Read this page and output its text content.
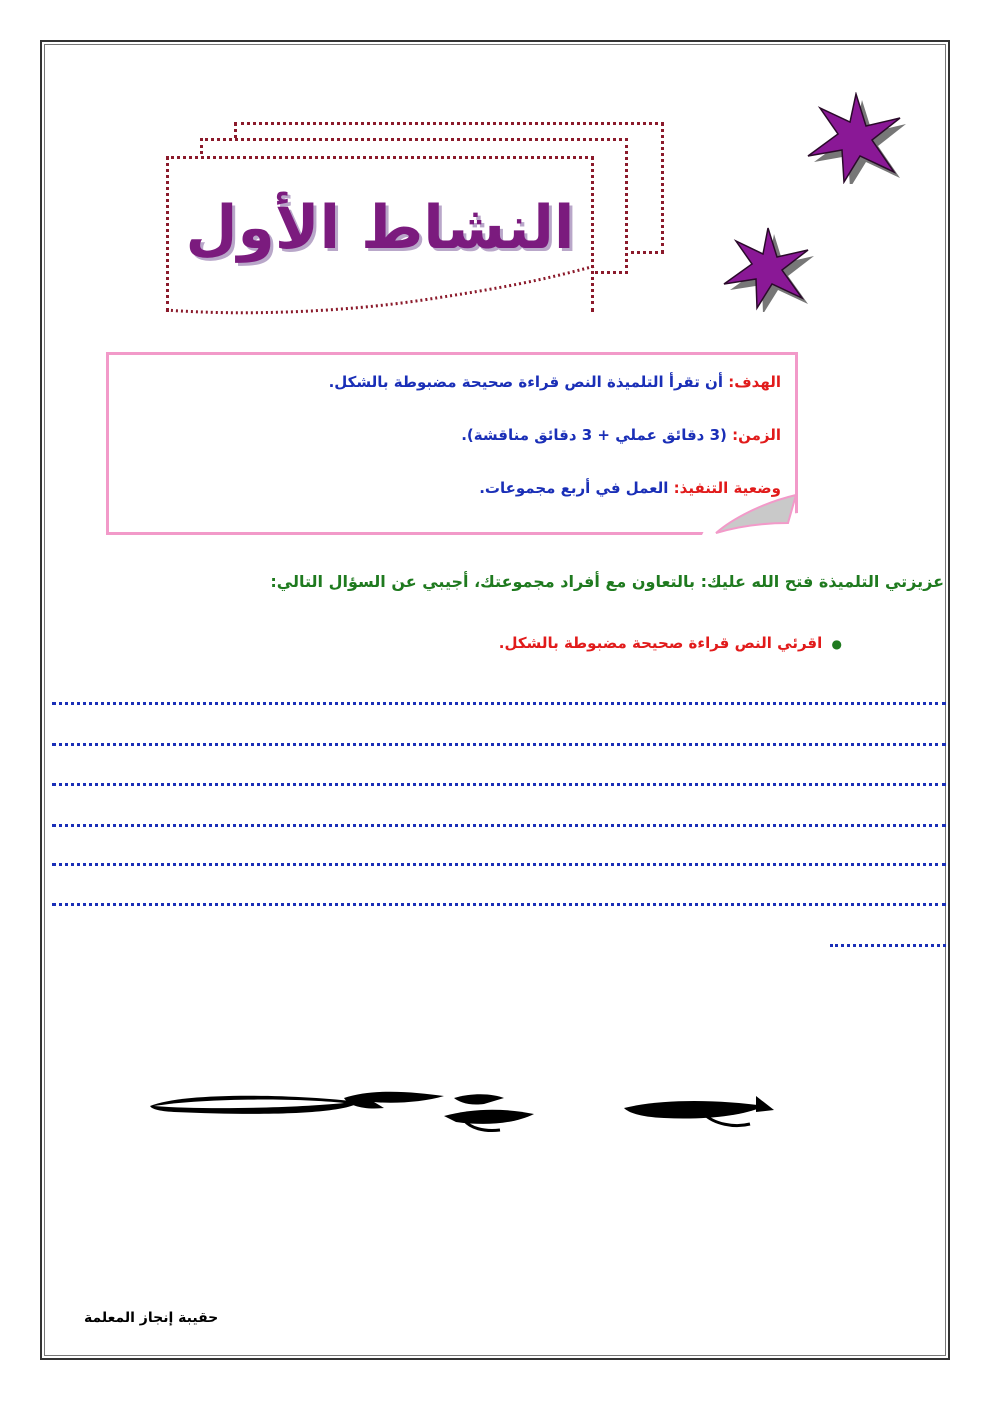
النشاط الأول
الهدف: أن تقرأ التلميذة النص قراءة صحيحة مضبوطة بالشكل.
الزمن: (3 دقائق عملي + 3 دقائق مناقشة).
وضعية التنفيذ: العمل في أربع مجموعات.
عزيزتي التلميذة فتح الله عليك: بالتعاون مع أفراد مجموعتك، أجيبي عن السؤال التالي:
● اقرئي النص قراءة صحيحة مضبوطة بالشكل.
حقيبة إنجاز المعلمة
